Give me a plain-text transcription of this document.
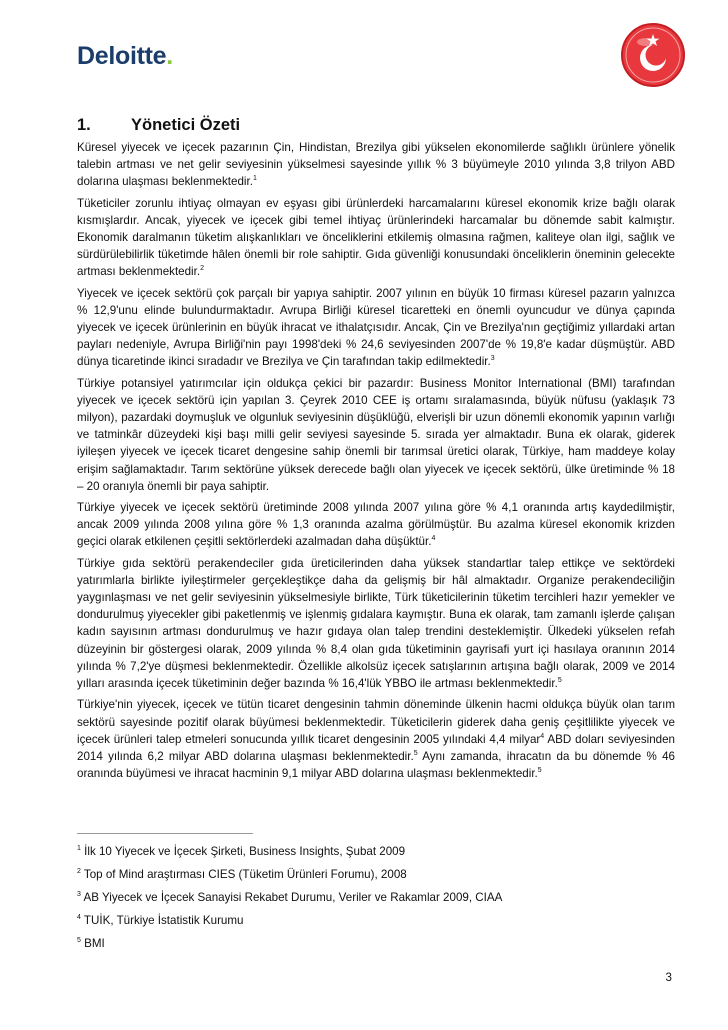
Deloitte.
1. Yönetici Özeti

Küresel yiyecek ve içecek pazarının Çin, Hindistan, Brezilya gibi yükselen ekonomilerde sağlıklı ürünlere yönelik talebin artması ve net gelir seviyesinin yükselmesi sayesinde yıllık % 3 büyümeyle 2010 yılında 3,8 trilyon ABD dolarına ulaşması beklenmektedir.$^1$

Tüketiciler zorunlu ihtiyaç olmayan ev eşyası gibi ürünlerdeki harcamalarını küresel ekonomik krize bağlı olarak kısmışlardır. Ancak, yiyecek ve içecek gibi temel ihtiyaç ürünlerindeki harcamalar bu dönemde sabit kalmıştır. Ekonomik daralmanın tüketim alışkanlıkları ve önceliklerini etkilemiş olmasına rağmen, kaliteye olan ilgi, sağlık ve sürdürülebilirlik tüketimde hâlen önemli bir role sahiptir. Gıda güvenliği konusundaki önceliklerin öneminin gelecekte artması beklenmektedir.$^2$

Yiyecek ve içecek sektörü çok parçalı bir yapıya sahiptir. 2007 yılının en büyük 10 firması küresel pazarın yalnızca % 12,9'unu elinde bulundurmaktadır. Avrupa Birliği küresel ticaretteki en önemli oyuncudur ve dünya çapında yiyecek ve içecek ürünlerinin en büyük ihracat ve ithalatçısıdır. Ancak, Çin ve Brezilya'nın geçtiğimiz yıllardaki artan payları nedeniyle, Avrupa Birliği'nin payı 1998'deki % 24,6 seviyesinden 2007'de % 19,8'e kadar düşmüştür. ABD dünya ticaretinde ikinci sıradadır ve Brezilya ve Çin tarafından takip edilmektedir.$^3$

Türkiye potansiyel yatırımcılar için oldukça çekici bir pazardır: Business Monitor International (BMI) tarafından yiyecek ve içecek sektörü için yapılan 3. Çeyrek 2010 CEE iş ortamı sıralamasında, büyük nüfusu (yaklaşık 73 milyon), pazardaki doymuşluk ve olgunluk seviyesinin düşüklüğü, elverişli bir uzun dönemli ekonomik yapının varlığı ve tatminkâr düzeydeki kişi başı milli gelir seviyesi sayesinde 5. sırada yer almaktadır. Buna ek olarak, giderek iyileşen yiyecek ve içecek ticaret dengesine sahip önemli bir tarımsal üretici olarak, Türkiye, ham maddeye kolay erişim sağlamaktadır. Tarım sektörüne yüksek derecede bağlı olan yiyecek ve içecek sektörü, ülke üretiminde % 18 – 20 oranıyla önemli bir paya sahiptir.

Türkiye yiyecek ve içecek sektörü üretiminde 2008 yılında 2007 yılına göre % 4,1 oranında artış kaydedilmiştir, ancak 2009 yılında 2008 yılına göre % 1,3 oranında azalma görülmüştür. Bu azalma küresel ekonomik krizden geçici olarak etkilenen çeşitli sektörlerdeki azalmadan daha düşüktür.$^4$

Türkiye gıda sektörü perakendeciler gıda üreticilerinden daha yüksek standartlar talep ettikçe ve sektördeki yatırımlarla birlikte iyileştirmeler gerçekleştikçe daha da gelişmiş bir hâl almaktadır. Organize perakendeciliğin yaygınlaşması ve net gelir seviyesinin yükselmesiyle birlikte, Türk tüketicilerinin tüketim tercihleri hazır yemekler ve dondurulmuş yiyecekler gibi paketlenmiş ve işlenmiş gıdalara kaymıştır. Buna ek olarak, tam zamanlı işlerde çalışan kadın sayısının artması dondurulmuş ve hazır gıdaya olan talep trendini desteklemiştir. Ülkedeki yükselen refah düzeyinin bir göstergesi olarak, 2009 yılında % 8,4 olan gıda tüketiminin gayrisafi yurt içi hasılaya oranının 2014 yılında % 7,2'ye düşmesi beklenmektedir. Özellikle alkolsüz içecek satışlarının artışına bağlı olarak, 2009 ve 2014 yılları arasında içecek tüketiminin değer bazında % 16,4'lük YBBO ile artması beklenmektedir.$^5$

Türkiye'nin yiyecek, içecek ve tütün ticaret dengesinin tahmin döneminde ülkenin hacmi oldukça büyük olan tarım sektörü sayesinde pozitif olarak büyümesi beklenmektedir. Tüketicilerin giderek daha geniş çeşitlilikte yiyecek ve içecek ürünleri talep etmeleri sonucunda yıllık ticaret dengesinin 2005 yılındaki 4,4 milyar$^4$ ABD doları seviyesinden 2014 yılında 6,2 milyar ABD dolarına ulaşması beklenmektedir.$^5$ Aynı zamanda, ihracatın da bu dönemde % 46 oranında büyümesi ve ihracat hacminin 9,1 milyar ABD dolarına ulaşması beklenmektedir.$^5$

$^1$ İlk 10 Yiyecek ve İçecek Şirketi, Business Insights, Şubat 2009
$^2$ Top of Mind araştırması CIES (Tüketim Ürünleri Forumu), 2008
$^3$ AB Yiyecek ve İçecek Sanayisi Rekabet Durumu, Veriler ve Rakamlar 2009, CIAA
$^4$ TUİK, Türkiye İstatistik Kurumu
$^5$ BMI
3
